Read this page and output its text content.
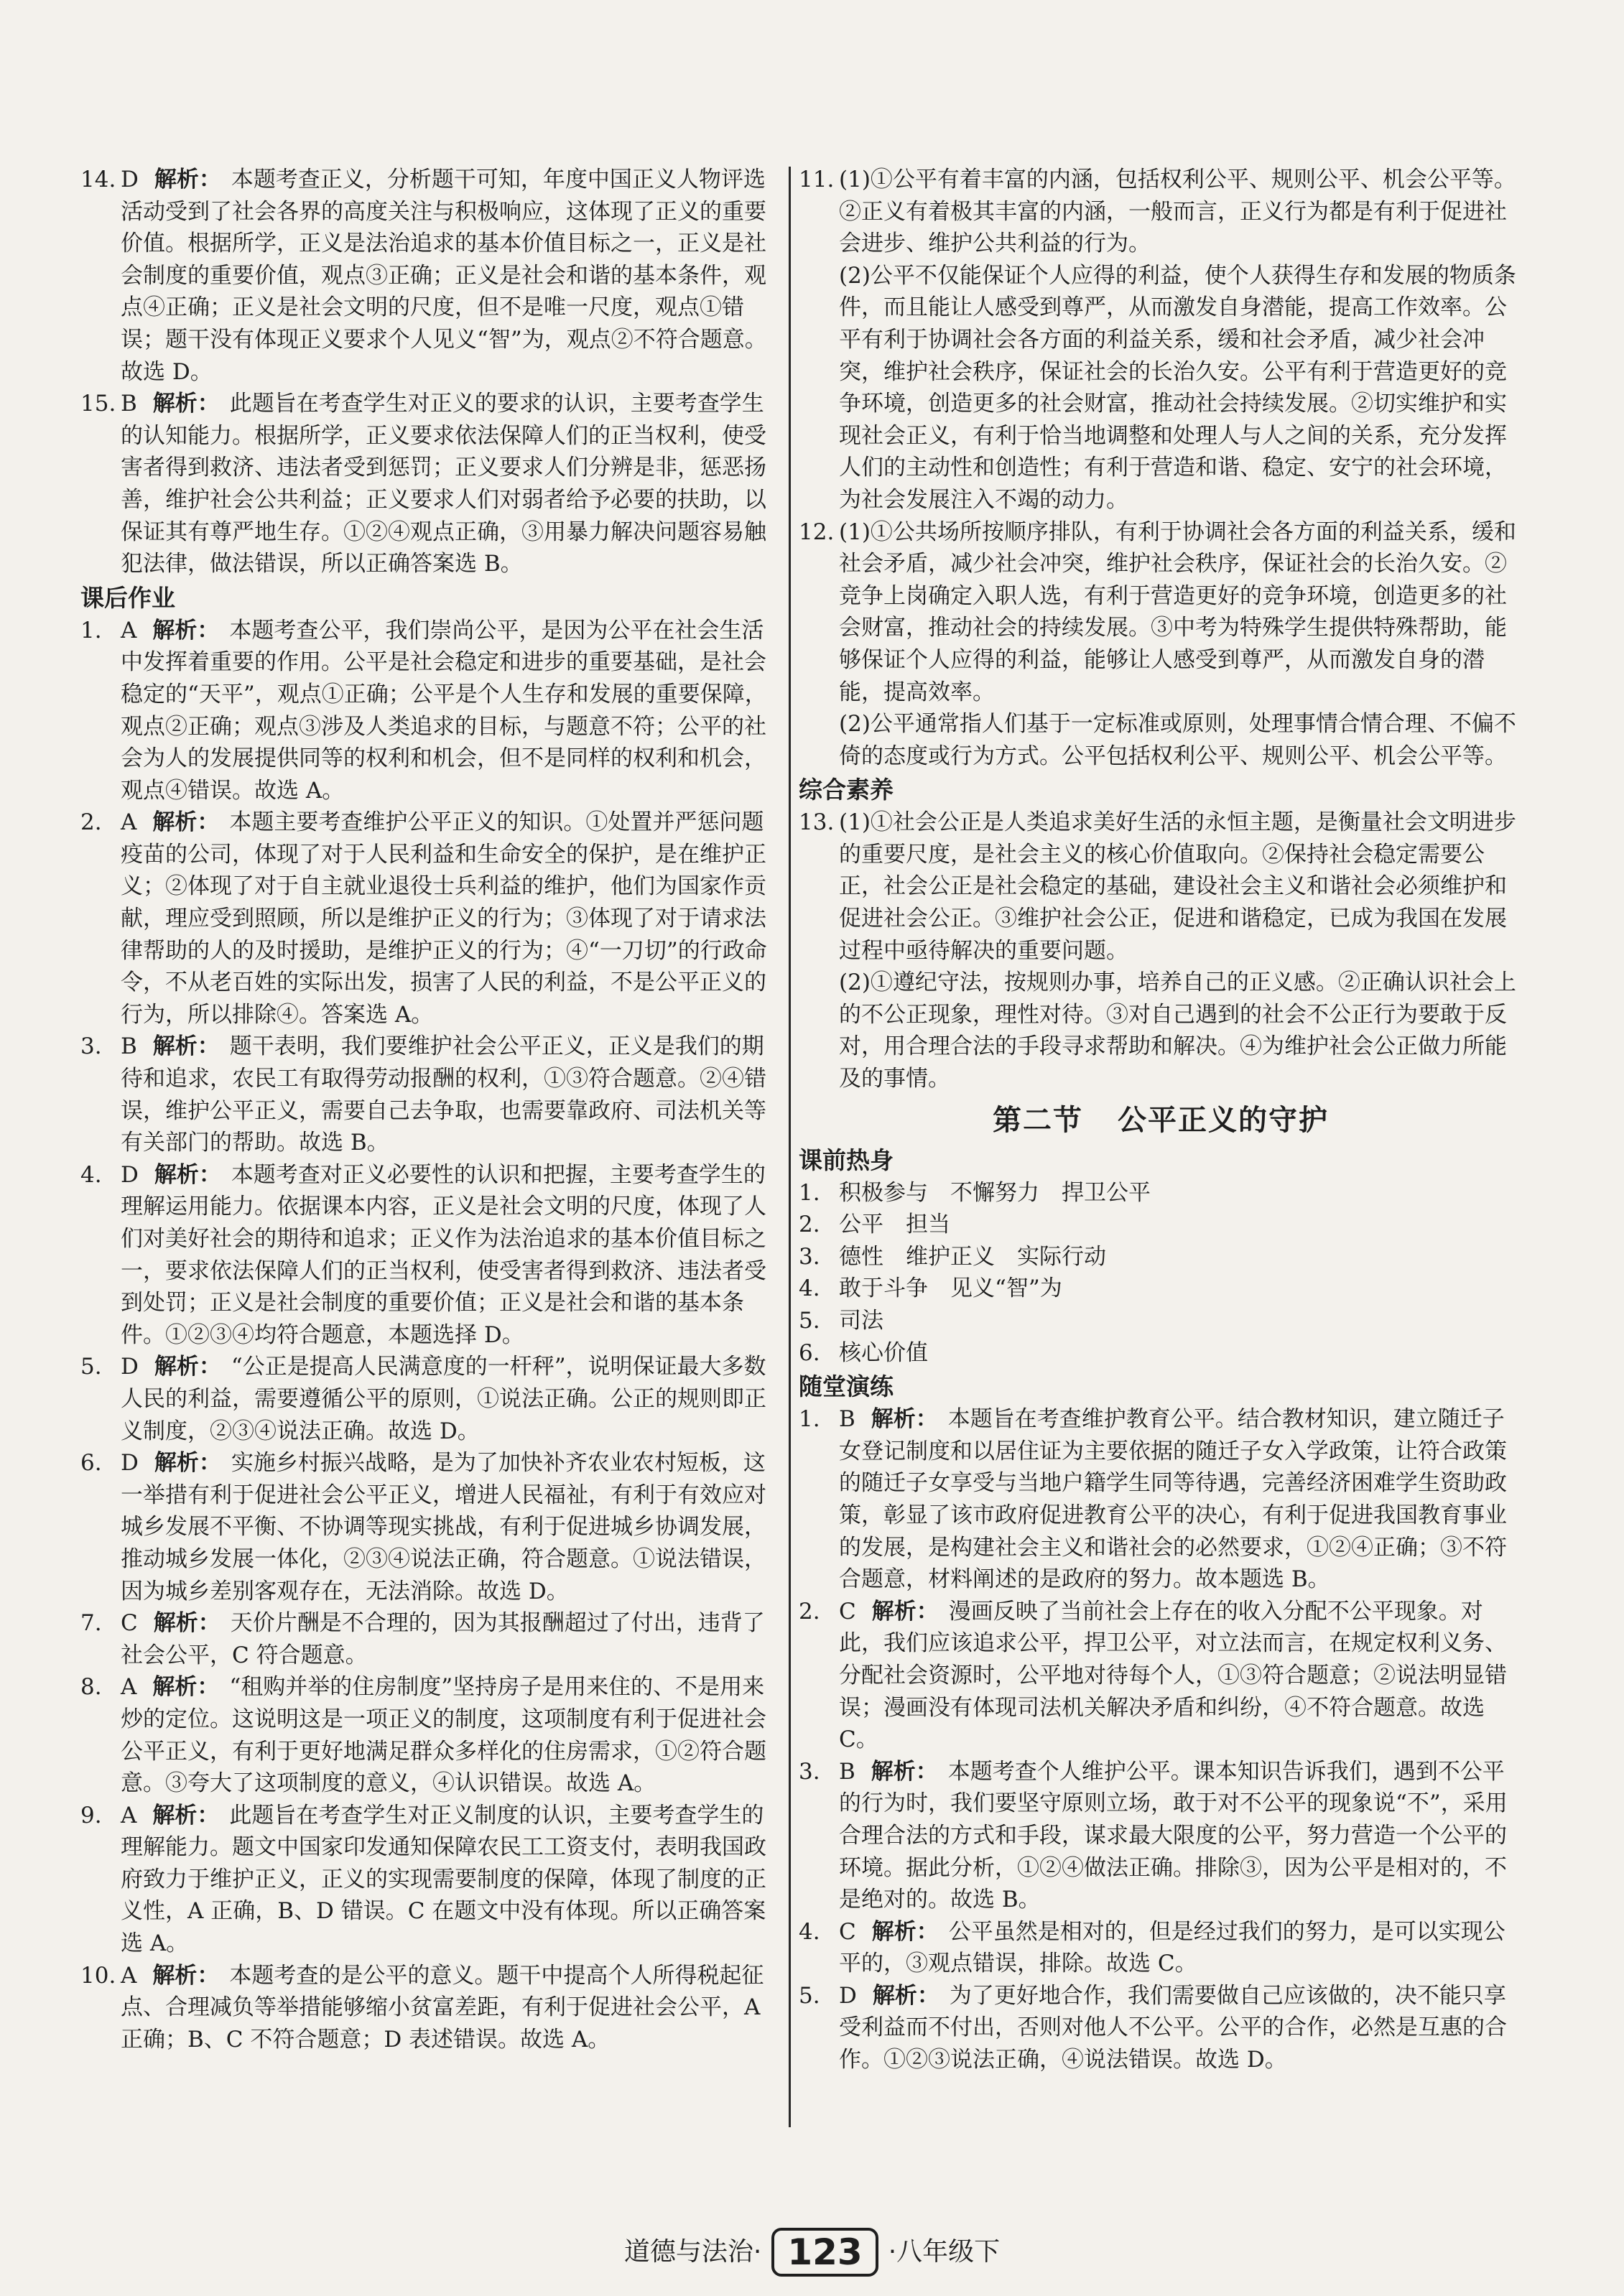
14. D 解析： 本题考查正义，分析题干可知，年度中国正义人物评选活动受到了社会各界的高度关注与积极响应，这体现了正义的重要价值。根据所学，正义是法治追求的基本价值目标之一，正义是社会制度的重要价值，观点③正确；正义是社会和谐的基本条件，观点④正确；正义是社会文明的尺度，但不是唯一尺度，观点①错误；题干没有体现正义要求个人见义“智”为，观点②不符合题意。故选 D。
15. B 解析： 此题旨在考查学生对正义的要求的认识，主要考查学生的认知能力。根据所学，正义要求依法保障人们的正当权利，使受害者得到救济、违法者受到惩罚；正义要求人们分辨是非，惩恶扬善，维护社会公共利益；正义要求人们对弱者给予必要的扶助，以保证其有尊严地生存。①②④观点正确，③用暴力解决问题容易触犯法律，做法错误，所以正确答案选 B。
课后作业
1. A 解析： 本题考查公平，我们崇尚公平，是因为公平在社会生活中发挥着重要的作用。公平是社会稳定和进步的重要基础，是社会稳定的“天平”，观点①正确；公平是个人生存和发展的重要保障，观点②正确；观点③涉及人类追求的目标，与题意不符；公平的社会为人的发展提供同等的权利和机会，但不是同样的权利和机会，观点④错误。故选 A。
2. A 解析： 本题主要考查维护公平正义的知识。①处置并严惩问题疫苗的公司，体现了对于人民利益和生命安全的保护，是在维护正义；②体现了对于自主就业退役士兵利益的维护，他们为国家作贡献，理应受到照顾，所以是维护正义的行为；③体现了对于请求法律帮助的人的及时援助，是维护正义的行为；④“一刀切”的行政命令，不从老百姓的实际出发，损害了人民的利益，不是公平正义的行为，所以排除④。答案选 A。
3. B 解析： 题干表明，我们要维护社会公平正义，正义是我们的期待和追求，农民工有取得劳动报酬的权利，①③符合题意。②④错误，维护公平正义，需要自己去争取，也需要靠政府、司法机关等有关部门的帮助。故选 B。
4. D 解析： 本题考查对正义必要性的认识和把握，主要考查学生的理解运用能力。依据课本内容，正义是社会文明的尺度，体现了人们对美好社会的期待和追求；正义作为法治追求的基本价值目标之一，要求依法保障人们的正当权利，使受害者得到救济、违法者受到处罚；正义是社会制度的重要价值；正义是社会和谐的基本条件。①②③④均符合题意，本题选择 D。
5. D 解析： “公正是提高人民满意度的一杆秤”，说明保证最大多数人民的利益，需要遵循公平的原则，①说法正确。公正的规则即正义制度，②③④说法正确。故选 D。
6. D 解析： 实施乡村振兴战略，是为了加快补齐农业农村短板，这一举措有利于促进社会公平正义，增进人民福祉，有利于有效应对城乡发展不平衡、不协调等现实挑战，有利于促进城乡协调发展，推动城乡发展一体化，②③④说法正确，符合题意。①说法错误，因为城乡差别客观存在，无法消除。故选 D。
7. C 解析： 天价片酬是不合理的，因为其报酬超过了付出，违背了社会公平，C 符合题意。
8. A 解析： “租购并举的住房制度”坚持房子是用来住的、不是用来炒的定位。这说明这是一项正义的制度，这项制度有利于促进社会公平正义，有利于更好地满足群众多样化的住房需求，①②符合题意。③夸大了这项制度的意义，④认识错误。故选 A。
9. A 解析： 此题旨在考查学生对正义制度的认识，主要考查学生的理解能力。题文中国家印发通知保障农民工工资支付，表明我国政府致力于维护正义，正义的实现需要制度的保障，体现了制度的正义性，A 正确，B、D 错误。C 在题文中没有体现。所以正确答案选 A。
10. A 解析： 本题考查的是公平的意义。题干中提高个人所得税起征点、合理减负等举措能够缩小贫富差距，有利于促进社会公平，A 正确；B、C 不符合题意；D 表述错误。故选 A。
11. (1)①公平有着丰富的内涵，包括权利公平、规则公平、机会公平等。②正义有着极其丰富的内涵，一般而言，正义行为都是有利于促进社会进步、维护公共利益的行为。

(2)公平不仅能保证个人应得的利益，使个人获得生存和发展的物质条件，而且能让人感受到尊严，从而激发自身潜能，提高工作效率。公平有利于协调社会各方面的利益关系，缓和社会矛盾，减少社会冲突，维护社会秩序，保证社会的长治久安。公平有利于营造更好的竞争环境，创造更多的社会财富，推动社会持续发展。②切实维护和实现社会正义，有利于恰当地调整和处理人与人之间的关系，充分发挥人们的主动性和创造性；有利于营造和谐、稳定、安宁的社会环境，为社会发展注入不竭的动力。

12. (1)①公共场所按顺序排队，有利于协调社会各方面的利益关系，缓和社会矛盾，减少社会冲突，维护社会秩序，保证社会的长治久安。②竞争上岗确定入职人选，有利于营造更好的竞争环境，创造更多的社会财富，推动社会的持续发展。③中考为特殊学生提供特殊帮助，能够保证个人应得的利益，能够让人感受到尊严，从而激发自身的潜能，提高效率。

(2)公平通常指人们基于一定标准或原则，处理事情合情合理、不偏不倚的态度或行为方式。公平包括权利公平、规则公平、机会公平等。

综合素养
13. (1)①社会公正是人类追求美好生活的永恒主题，是衡量社会文明进步的重要尺度，是社会主义的核心价值取向。②保持社会稳定需要公正，社会公正是社会稳定的基础，建设社会主义和谐社会必须维护和促进社会公正。③维护社会公正，促进和谐稳定，已成为我国在发展过程中亟待解决的重要问题。

(2)①遵纪守法，按规则办事，培养自己的正义感。②正确认识社会上的不公正现象，理性对待。③对自己遇到的社会不公正行为要敢于反对，用合理合法的手段寻求帮助和解决。④为维护社会公正做力所能及的事情。

第二节 公平正义的守护
课前热身
1. 积极参与　不懈努力　捍卫公平
2. 公平　担当
3. 德性　维护正义　实际行动
4. 敢于斗争　见义“智”为
5. 司法
6. 核心价值
随堂演练
1. B 解析： 本题旨在考查维护教育公平。结合教材知识，建立随迁子女登记制度和以居住证为主要依据的随迁子女入学政策，让符合政策的随迁子女享受与当地户籍学生同等待遇，完善经济困难学生资助政策，彰显了该市政府促进教育公平的决心，有利于促进我国教育事业的发展，是构建社会主义和谐社会的必然要求，①②④正确；③不符合题意，材料阐述的是政府的努力。故本题选 B。
2. C 解析： 漫画反映了当前社会上存在的收入分配不公平现象。对此，我们应该追求公平，捍卫公平，对立法而言，在规定权利义务、分配社会资源时，公平地对待每个人，①③符合题意；②说法明显错误；漫画没有体现司法机关解决矛盾和纠纷，④不符合题意。故选 C。
3. B 解析： 本题考查个人维护公平。课本知识告诉我们，遇到不公平的行为时，我们要坚守原则立场，敢于对不公平的现象说“不”，采用合理合法的方式和手段，谋求最大限度的公平，努力营造一个公平的环境。据此分析，①②④做法正确。排除③，因为公平是相对的，不是绝对的。故选 B。
4. C 解析： 公平虽然是相对的，但是经过我们的努力，是可以实现公平的，③观点错误，排除。故选 C。
5. D 解析： 为了更好地合作，我们需要做自己应该做的，决不能只享受利益而不付出，否则对他人不公平。公平的合作，必然是互惠的合作。①②③说法正确，④说法错误。故选 D。
道德与法治· 123 ·八年级下
